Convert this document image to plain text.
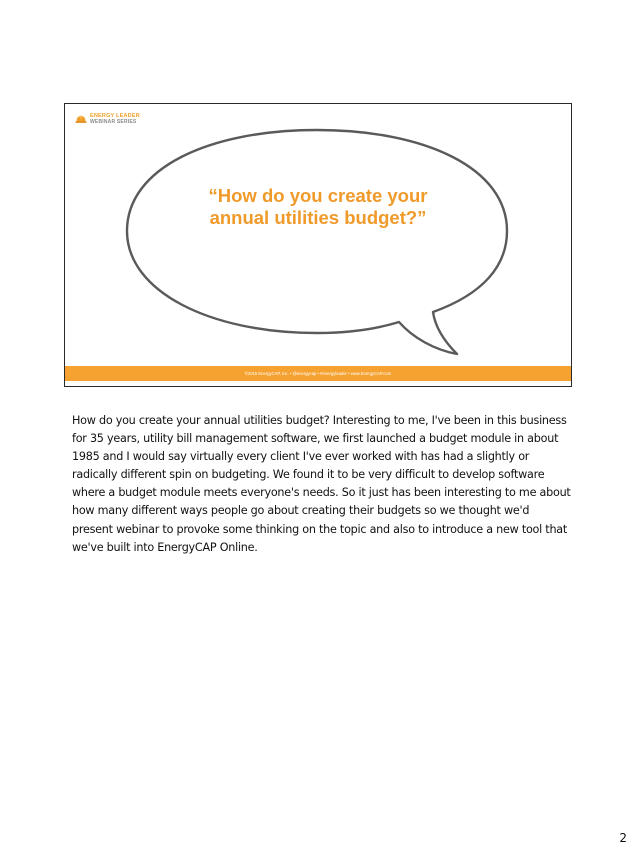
ENERGY LEADER
WEBINAR SERIES

“How do you create your annual utilities budget?”

©2015 EnergyCAP, Inc. • @energycap • #energyleader • www.EnergyCAP.com

How do you create your annual utilities budget? Interesting to me, I've been in this business for 35 years, utility bill management software, we first launched a budget module in about 1985 and I would say virtually every client I've ever worked with has had a slightly or radically different spin on budgeting. We found it to be very difficult to develop software where a budget module meets everyone's needs. So it just has been interesting to me about how many different ways people go about creating their budgets so we thought we'd present webinar to provoke some thinking on the topic and also to introduce a new tool that we've built into EnergyCAP Online.

2
